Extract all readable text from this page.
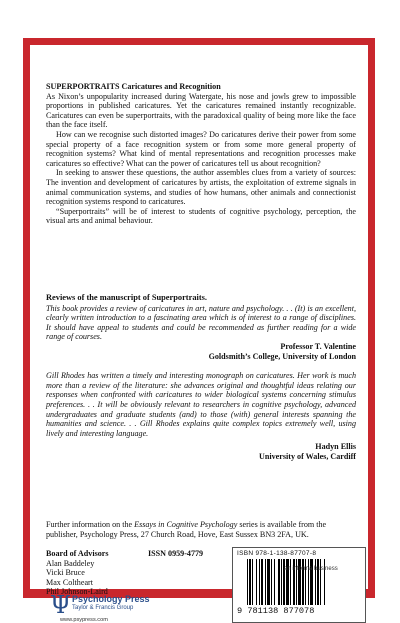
SUPERPORTRAITS Caricatures and Recognition

As Nixon’s unpopularity increased during Watergate, his nose and jowls grew to impossible proportions in published caricatures. Yet the caricatures remained instantly recognizable. Caricatures can even be superportraits, with the paradoxical quality of being more like the face than the face itself.

How can we recognise such distorted images? Do caricatures derive their power from some special property of a face recognition system or from some more general property of recognition systems? What kind of mental representations and recognition processes make caricatures so effective? What can the power of caricatures tell us about recognition?

In seeking to answer these questions, the author assembles clues from a variety of sources: The invention and development of caricatures by artists, the exploitation of extreme signals in animal communication systems, and studies of how humans, other animals and connectionist recognition systems respond to caricatures.

“Superportraits” will be of interest to students of cognitive psychology, perception, the visual arts and animal behaviour.

Reviews of the manuscript of Superportraits.

This book provides a review of caricatures in art, nature and psychology. . . (It) is an excellent, clearly written introduction to a fascinating area which is of interest to a range of disciplines. It should have appeal to students and could be recommended as further reading for a wide range of courses.

Professor T. Valentine

Goldsmith’s College, University of London

Gill Rhodes has written a timely and interesting monograph on caricatures. Her work is much more than a review of the literature: she advances original and thoughtful ideas relating our responses when confronted with caricatures to wider biological systems concerning stimulus preferences. . . It will be obviously relevant to researchers in cognitive psychology, advanced undergraduates and graduate students (and) to those (with) general interests spanning the humanities and science. . . Gill Rhodes explains quite complex topics extremely well, using lively and interesting language.

Hadyn Ellis

University of Wales, Cardiff

Further information on the Essays in Cognitive Psychology series is available from the publisher, Psychology Press, 27 Church Road, Hove, East Sussex BN3 2FA, UK.

Board of Advisors
Alan Baddeley
Vicki Bruce
Max Coltheart
Phil Johnson-Laird
ISSN 0959-4779	ISBN 978-1-138-87707-8
9 781138 877078
Ψ Psychology Press
Taylor & Francis Group
www.psypress.com
an informa business
